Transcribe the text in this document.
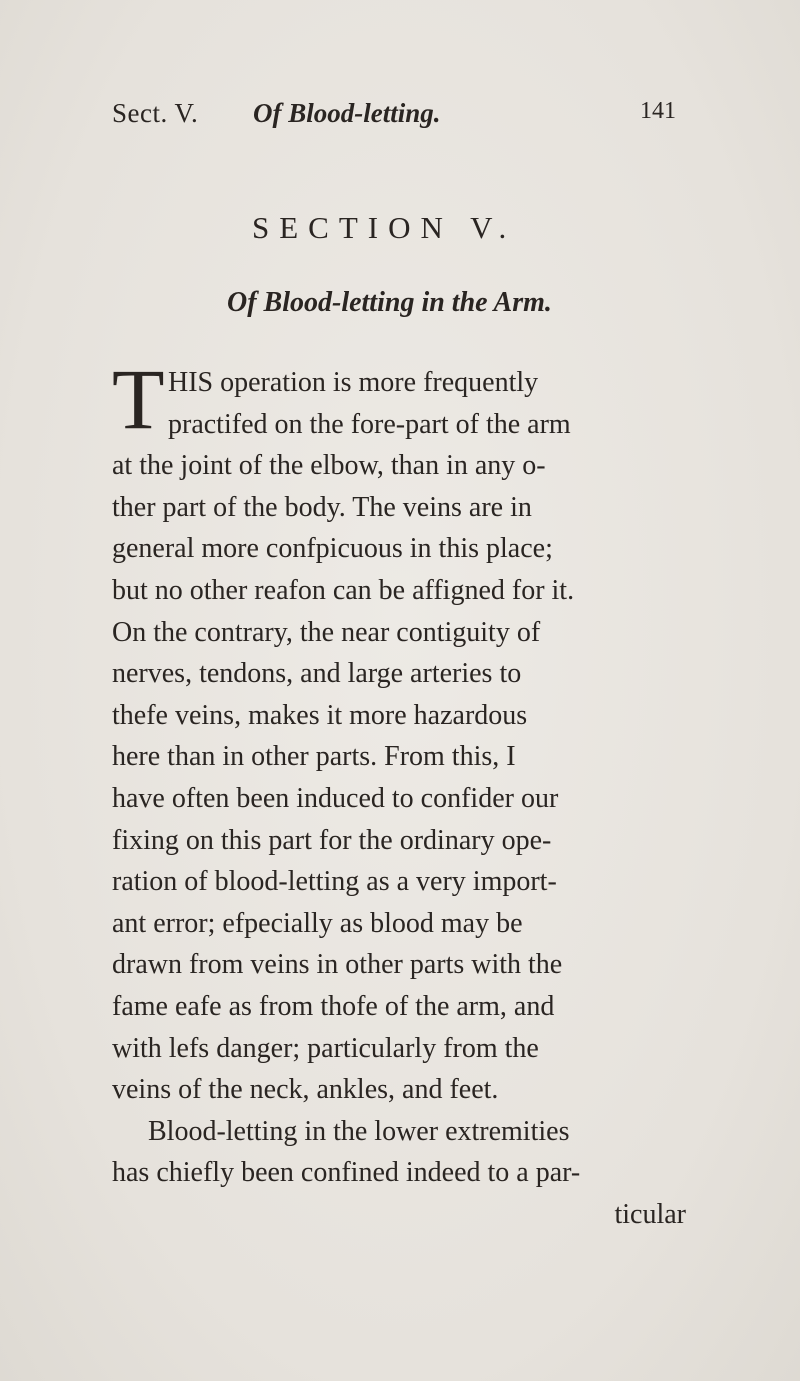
Sect. V. Of Blood-letting.	141
SECTION V.
Of Blood-letting in the Arm.
T HIS operation is more frequently
practifed on the fore-part of the arm
at the joint of the elbow, than in any o-
ther part of the body. The veins are in
general more confpicuous in this place;
but no other reafon can be affigned for it.
On the contrary, the near contiguity of
nerves, tendons, and large arteries to
thefe veins, makes it more hazardous
here than in other parts. From this, I
have often been induced to confider our
fixing on this part for the ordinary ope-
ration of blood-letting as a very import-
ant error; efpecially as blood may be
drawn from veins in other parts with the
fame eafe as from thofe of the arm, and
with lefs danger; particularly from the
veins of the neck, ankles, and feet.
Blood-letting in the lower extremities
has chiefly been confined indeed to a par-
ticular
